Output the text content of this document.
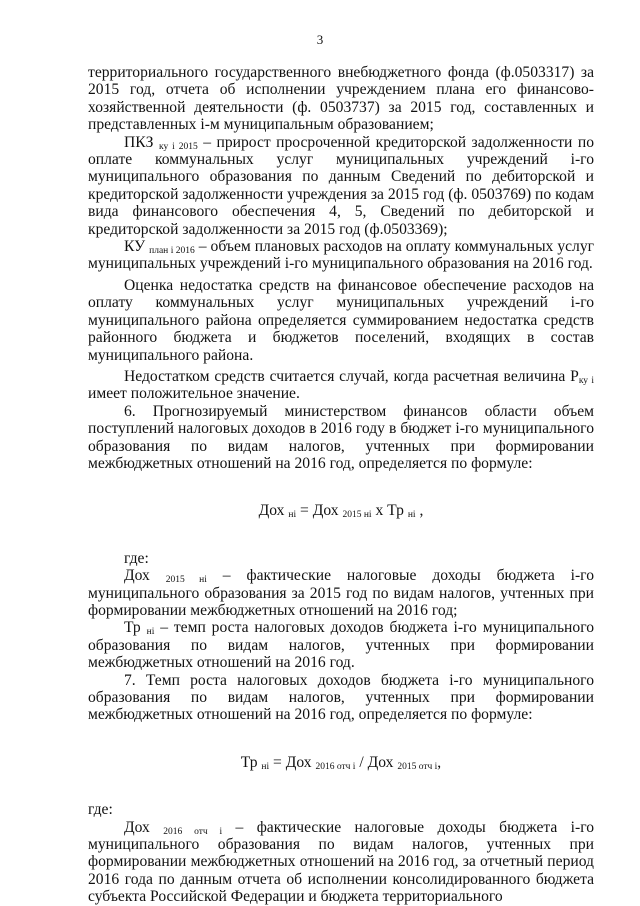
3

территориального государственного внебюджетного фонда (ф.0503317) за 2015 год, отчета об исполнении учреждением плана его финансово-хозяйственной деятельности (ф. 0503737) за 2015 год, составленных и представленных i-м муниципальным образованием;

ПКЗ $_{ку i 2015}$ – прирост просроченной кредиторской задолженности по оплате коммунальных услуг муниципальных учреждений i-го муниципального образования по данным Сведений по дебиторской и кредиторской задолженности учреждения за 2015 год (ф. 0503769) по кодам вида финансового обеспечения 4, 5, Сведений по дебиторской и кредиторской задолженности за 2015 год (ф.0503369);

КУ $_{план i 2016}$ – объем плановых расходов на оплату коммунальных услуг муниципальных учреждений i-го муниципального образования на 2016 год.

Оценка недостатка средств на финансовое обеспечение расходов на оплату коммунальных услуг муниципальных учреждений i-го муниципального района определяется суммированием недостатка средств районного бюджета и бюджетов поселений, входящих в состав муниципального района.

Недостатком средств считается случай, когда расчетная величина $Р_{ку i}$ имеет положительное значение.

6. Прогнозируемый министерством финансов области объем поступлений налоговых доходов в 2016 году в бюджет i-го муниципального образования по видам налогов, учтенных при формировании межбюджетных отношений на 2016 год, определяется по формуле:

Дох $_{нi}$ = Дох $_{2015 нi}$ х Тр $_{нi}$ ,

где:

Дох $_{2015 нi}$ – фактические налоговые доходы бюджета i-го муниципального образования за 2015 год по видам налогов, учтенных при формировании межбюджетных отношений на 2016 год;

Тр $_{нi}$ – темп роста налоговых доходов бюджета i-го муниципального образования по видам налогов, учтенных при формировании межбюджетных отношений на 2016 год.

7. Темп роста налоговых доходов бюджета i-го муниципального образования по видам налогов, учтенных при формировании межбюджетных отношений на 2016 год, определяется по формуле:

Тр $_{нi}$ = Дох $_{2016 отч i}$ / Дох $_{2015 отч i}$,

где:

Дох $_{2016 отч i}$ – фактические налоговые доходы бюджета i-го муниципального образования по видам налогов, учтенных при формировании межбюджетных отношений на 2016 год, за отчетный период 2016 года по данным отчета об исполнении консолидированного бюджета субъекта Российской Федерации и бюджета территориального
